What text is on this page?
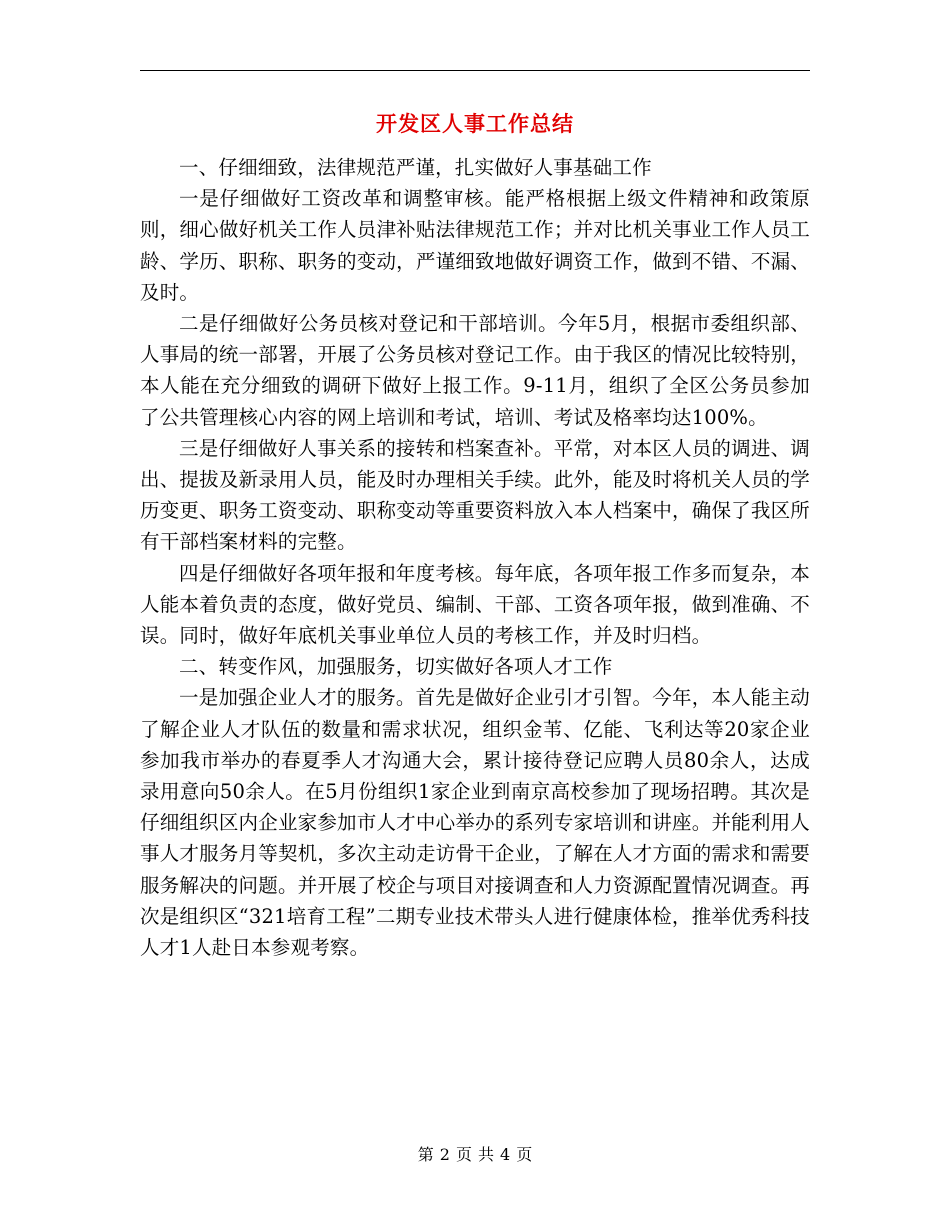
开发区人事工作总结

一、仔细细致，法律规范严谨，扎实做好人事基础工作

一是仔细做好工资改革和调整审核。能严格根据上级文件精神和政策原则，细心做好机关工作人员津补贴法律规范工作；并对比机关事业工作人员工龄、学历、职称、职务的变动，严谨细致地做好调资工作，做到不错、不漏、及时。

二是仔细做好公务员核对登记和干部培训。今年5月，根据市委组织部、人事局的统一部署，开展了公务员核对登记工作。由于我区的情况比较特别，本人能在充分细致的调研下做好上报工作。9-11月，组织了全区公务员参加了公共管理核心内容的网上培训和考试，培训、考试及格率均达100%。

三是仔细做好人事关系的接转和档案查补。平常，对本区人员的调进、调出、提拔及新录用人员，能及时办理相关手续。此外，能及时将机关人员的学历变更、职务工资变动、职称变动等重要资料放入本人档案中，确保了我区所有干部档案材料的完整。

四是仔细做好各项年报和年度考核。每年底，各项年报工作多而复杂，本人能本着负责的态度，做好党员、编制、干部、工资各项年报，做到准确、不误。同时，做好年底机关事业单位人员的考核工作，并及时归档。

二、转变作风，加强服务，切实做好各项人才工作

一是加强企业人才的服务。首先是做好企业引才引智。今年，本人能主动了解企业人才队伍的数量和需求状况，组织金苇、亿能、飞利达等20家企业参加我市举办的春夏季人才沟通大会，累计接待登记应聘人员80余人，达成录用意向50余人。在5月份组织1家企业到南京高校参加了现场招聘。其次是仔细组织区内企业家参加市人才中心举办的系列专家培训和讲座。并能利用人事人才服务月等契机，多次主动走访骨干企业，了解在人才方面的需求和需要服务解决的问题。并开展了校企与项目对接调查和人力资源配置情况调查。再次是组织区“321培育工程”二期专业技术带头人进行健康体检，推举优秀科技人才1人赴日本参观考察。

第 2 页 共 4 页
